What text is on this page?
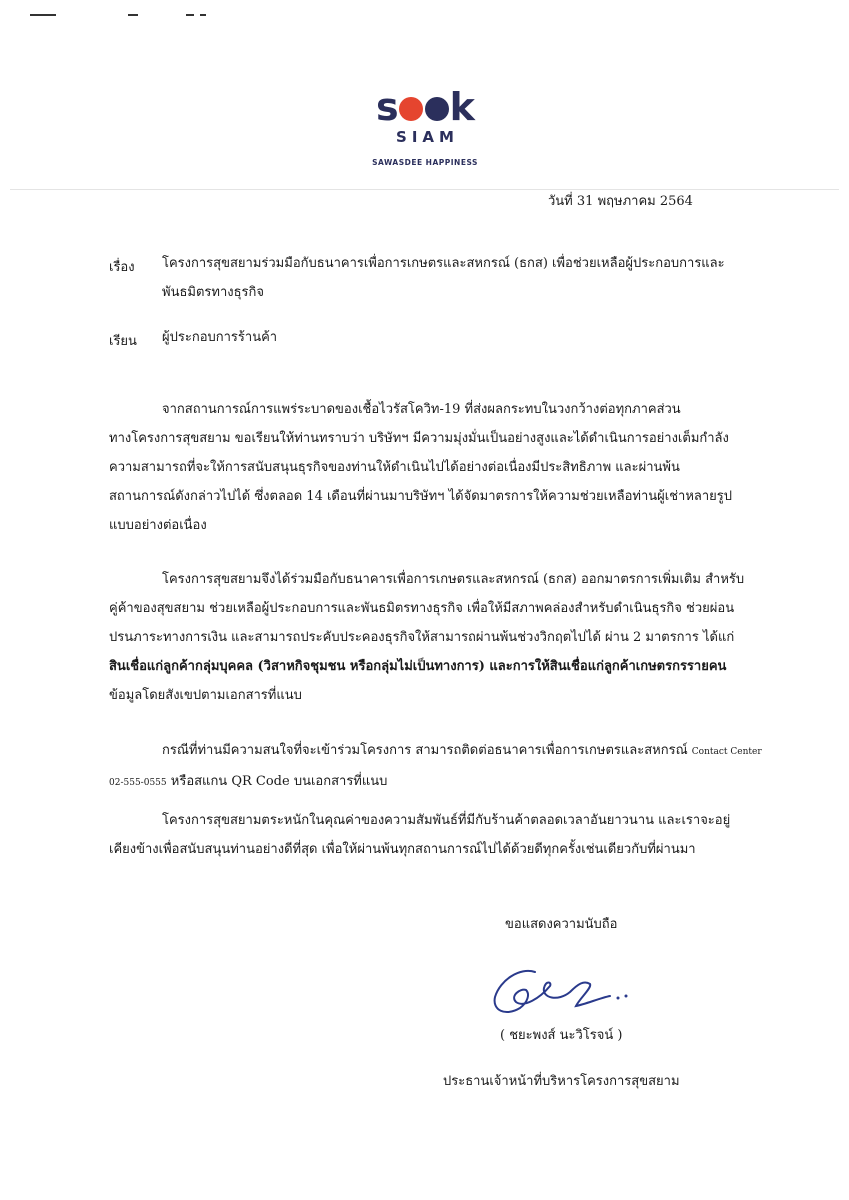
s k
SIAM
SAWASDEE HAPPINESS
วันที่ 31 พฤษภาคม 2564
เรื่อง โครงการสุขสยามร่วมมือกับธนาคารเพื่อการเกษตรและสหกรณ์ (ธกส) เพื่อช่วยเหลือผู้ประกอบการและ
พันธมิตรทางธุรกิจ
เรียน ผู้ประกอบการร้านค้า
จากสถานการณ์การแพร่ระบาดของเชื้อไวรัสโควิท-19 ที่ส่งผลกระทบในวงกว้างต่อทุกภาคส่วน
ทางโครงการสุขสยาม ขอเรียนให้ท่านทราบว่า บริษัทฯ มีความมุ่งมั่นเป็นอย่างสูงและได้ดำเนินการอย่างเต็มกำลัง
ความสามารถที่จะให้การสนับสนุนธุรกิจของท่านให้ดำเนินไปได้อย่างต่อเนื่องมีประสิทธิภาพ และผ่านพ้น
สถานการณ์ดังกล่าวไปได้ ซึ่งตลอด 14 เดือนที่ผ่านมาบริษัทฯ ได้จัดมาตรการให้ความช่วยเหลือท่านผู้เช่าหลายรูป
แบบอย่างต่อเนื่อง
โครงการสุขสยามจึงได้ร่วมมือกับธนาคารเพื่อการเกษตรและสหกรณ์ (ธกส) ออกมาตรการเพิ่มเติม สำหรับ
คู่ค้าของสุขสยาม ช่วยเหลือผู้ประกอบการและพันธมิตรทางธุรกิจ เพื่อให้มีสภาพคล่องสำหรับดำเนินธุรกิจ ช่วยผ่อน
ปรนภาระทางการเงิน และสามารถประคับประคองธุรกิจให้สามารถผ่านพ้นช่วงวิกฤตไปได้ ผ่าน 2 มาตรการ ได้แก่
สินเชื่อแก่ลูกค้ากลุ่มบุคคล (วิสาหกิจชุมชน หรือกลุ่มไม่เป็นทางการ) และการให้สินเชื่อแก่ลูกค้าเกษตรกรรายคน
ข้อมูลโดยสังเขปตามเอกสารที่แนบ
กรณีที่ท่านมีความสนใจที่จะเข้าร่วมโครงการ สามารถติดต่อธนาคารเพื่อการเกษตรและสหกรณ์ Contact Center
02-555-0555 หรือสแกน QR Code บนเอกสารที่แนบ
โครงการสุขสยามตระหนักในคุณค่าของความสัมพันธ์ที่มีกับร้านค้าตลอดเวลาอันยาวนาน และเราจะอยู่
เคียงข้างเพื่อสนับสนุนท่านอย่างดีที่สุด เพื่อให้ผ่านพ้นทุกสถานการณ์ไปได้ด้วยดีทุกครั้งเช่นเดียวกับที่ผ่านมา
ขอแสดงความนับถือ
( ชยะพงส์ นะวิโรจน์ )
ประธานเจ้าหน้าที่บริหารโครงการสุขสยาม
